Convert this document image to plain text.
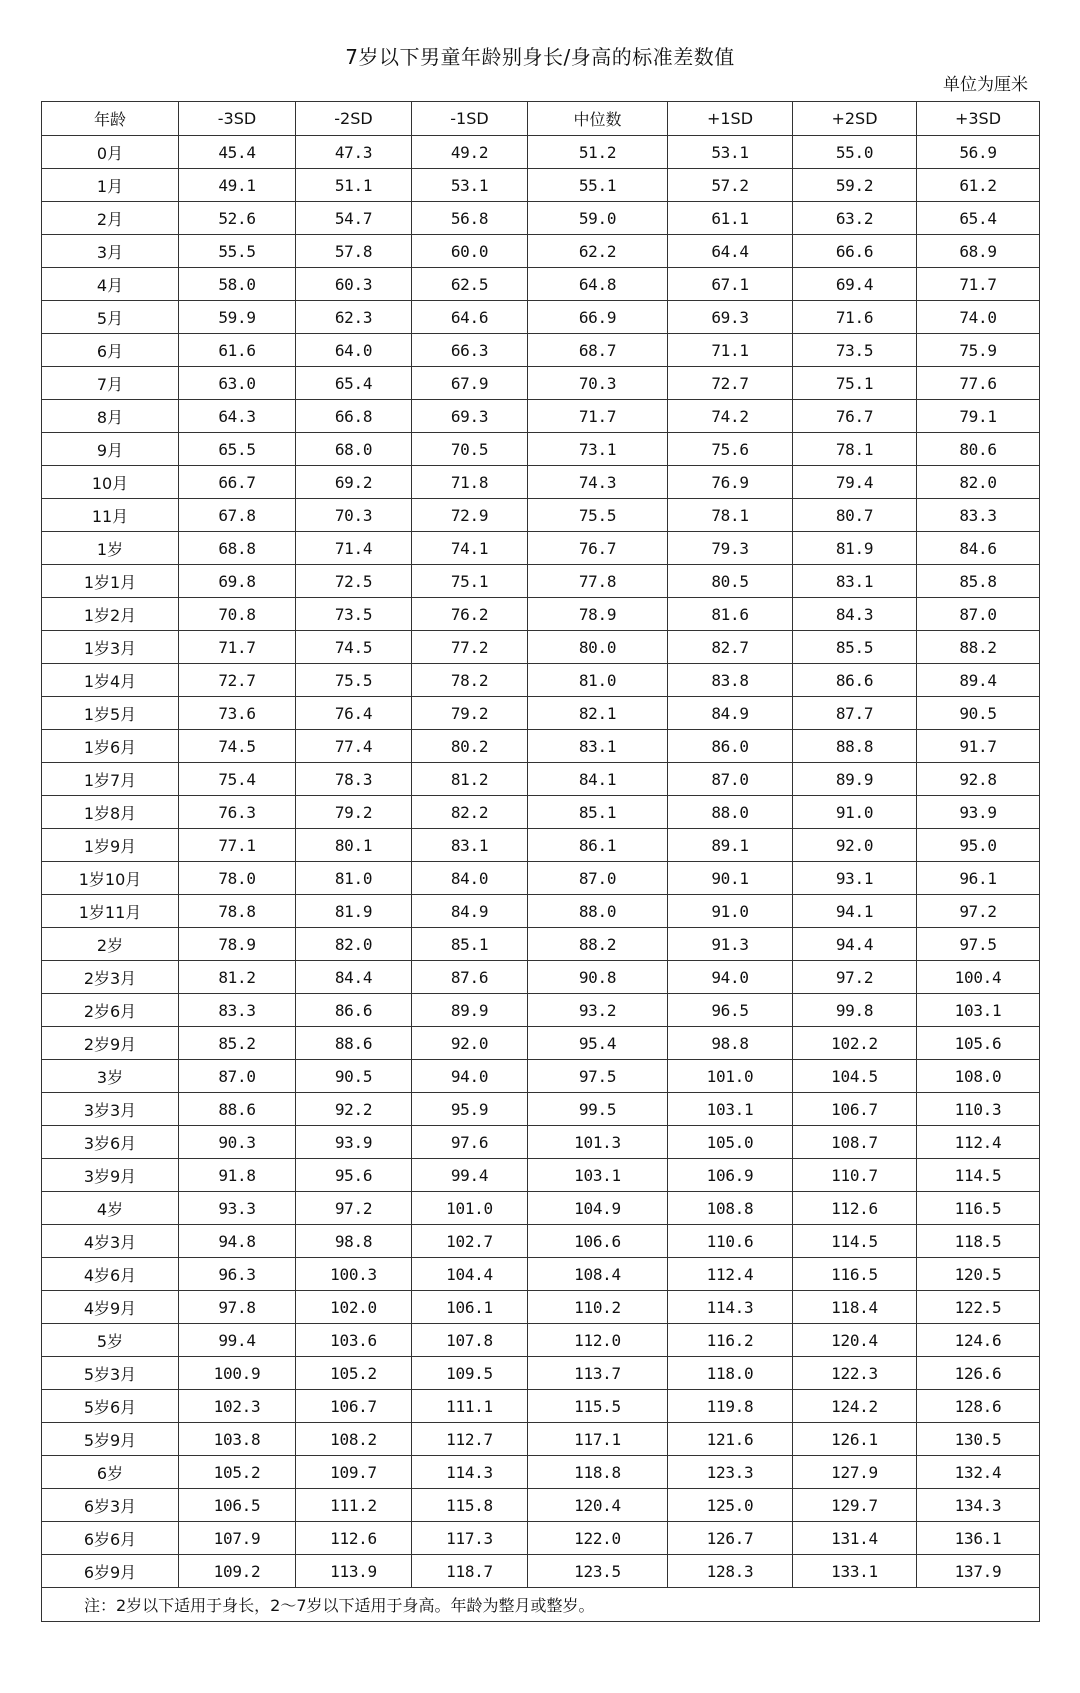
7岁以下男童年龄别身长/身高的标准差数值
单位为厘米
年龄	-3SD	-2SD	-1SD	中位数	+1SD	+2SD	+3SD
0月	45.4	47.3	49.2	51.2	53.1	55.0	56.9
1月	49.1	51.1	53.1	55.1	57.2	59.2	61.2
2月	52.6	54.7	56.8	59.0	61.1	63.2	65.4
3月	55.5	57.8	60.0	62.2	64.4	66.6	68.9
4月	58.0	60.3	62.5	64.8	67.1	69.4	71.7
5月	59.9	62.3	64.6	66.9	69.3	71.6	74.0
6月	61.6	64.0	66.3	68.7	71.1	73.5	75.9
7月	63.0	65.4	67.9	70.3	72.7	75.1	77.6
8月	64.3	66.8	69.3	71.7	74.2	76.7	79.1
9月	65.5	68.0	70.5	73.1	75.6	78.1	80.6
10月	66.7	69.2	71.8	74.3	76.9	79.4	82.0
11月	67.8	70.3	72.9	75.5	78.1	80.7	83.3
1岁	68.8	71.4	74.1	76.7	79.3	81.9	84.6
1岁1月	69.8	72.5	75.1	77.8	80.5	83.1	85.8
1岁2月	70.8	73.5	76.2	78.9	81.6	84.3	87.0
1岁3月	71.7	74.5	77.2	80.0	82.7	85.5	88.2
1岁4月	72.7	75.5	78.2	81.0	83.8	86.6	89.4
1岁5月	73.6	76.4	79.2	82.1	84.9	87.7	90.5
1岁6月	74.5	77.4	80.2	83.1	86.0	88.8	91.7
1岁7月	75.4	78.3	81.2	84.1	87.0	89.9	92.8
1岁8月	76.3	79.2	82.2	85.1	88.0	91.0	93.9
1岁9月	77.1	80.1	83.1	86.1	89.1	92.0	95.0
1岁10月	78.0	81.0	84.0	87.0	90.1	93.1	96.1
1岁11月	78.8	81.9	84.9	88.0	91.0	94.1	97.2
2岁	78.9	82.0	85.1	88.2	91.3	94.4	97.5
2岁3月	81.2	84.4	87.6	90.8	94.0	97.2	100.4
2岁6月	83.3	86.6	89.9	93.2	96.5	99.8	103.1
2岁9月	85.2	88.6	92.0	95.4	98.8	102.2	105.6
3岁	87.0	90.5	94.0	97.5	101.0	104.5	108.0
3岁3月	88.6	92.2	95.9	99.5	103.1	106.7	110.3
3岁6月	90.3	93.9	97.6	101.3	105.0	108.7	112.4
3岁9月	91.8	95.6	99.4	103.1	106.9	110.7	114.5
4岁	93.3	97.2	101.0	104.9	108.8	112.6	116.5
4岁3月	94.8	98.8	102.7	106.6	110.6	114.5	118.5
4岁6月	96.3	100.3	104.4	108.4	112.4	116.5	120.5
4岁9月	97.8	102.0	106.1	110.2	114.3	118.4	122.5
5岁	99.4	103.6	107.8	112.0	116.2	120.4	124.6
5岁3月	100.9	105.2	109.5	113.7	118.0	122.3	126.6
5岁6月	102.3	106.7	111.1	115.5	119.8	124.2	128.6
5岁9月	103.8	108.2	112.7	117.1	121.6	126.1	130.5
6岁	105.2	109.7	114.3	118.8	123.3	127.9	132.4
6岁3月	106.5	111.2	115.8	120.4	125.0	129.7	134.3
6岁6月	107.9	112.6	117.3	122.0	126.7	131.4	136.1
6岁9月	109.2	113.9	118.7	123.5	128.3	133.1	137.9
注：2岁以下适用于身长，2～7岁以下适用于身高。年龄为整月或整岁。							
